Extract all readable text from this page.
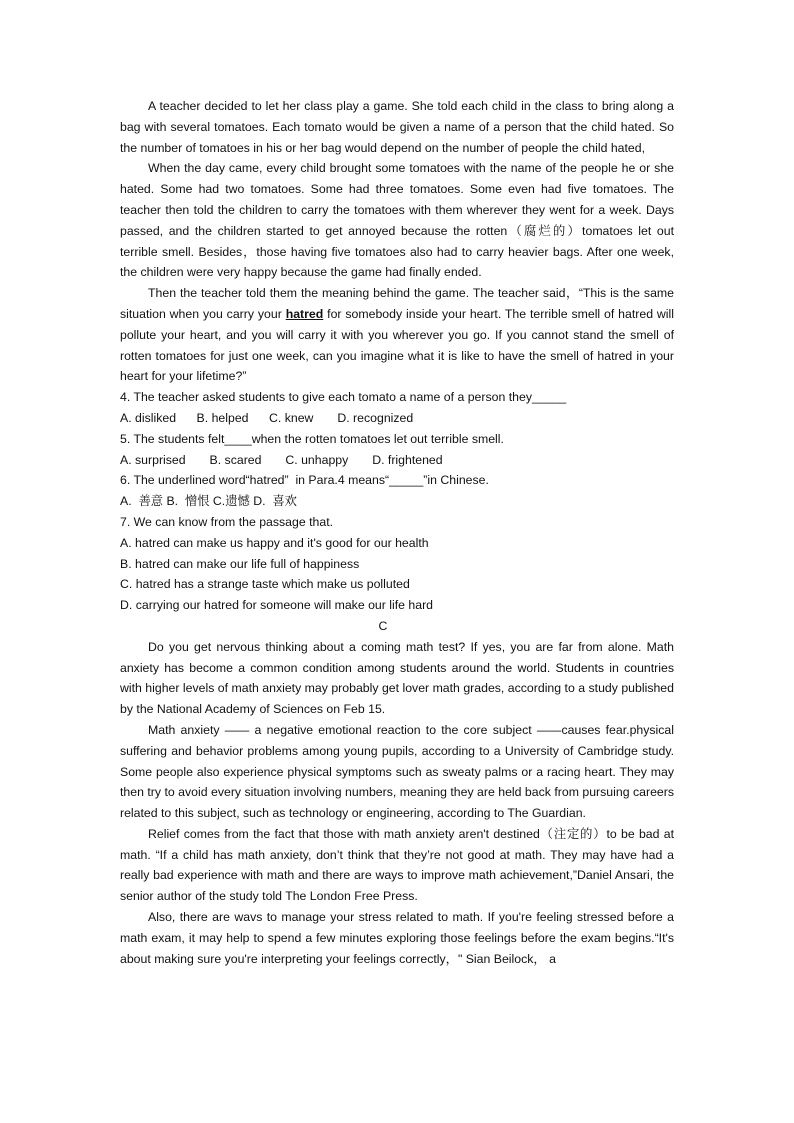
A teacher decided to let her class play a game. She told each child in the class to bring along a bag with several tomatoes. Each tomato would be given a name of a person that the child hated. So the number of tomatoes in his or her bag would depend on the number of people the child hated,

When the day came, every child brought some tomatoes with the name of the people he or she hated. Some had two tomatoes. Some had three tomatoes. Some even had five tomatoes. The teacher then told the children to carry the tomatoes with them wherever they went for a week. Days passed, and the children started to get annoyed because the rotten（腐烂的）tomatoes let out terrible smell. Besides，those having five tomatoes also had to carry heavier bags. After one week, the children were very happy because the game had finally ended.

Then the teacher told them the meaning behind the game. The teacher said，“This is the same situation when you carry your hatred for somebody inside your heart. The terrible smell of hatred will pollute your heart, and you will carry it with you wherever you go. If you cannot stand the smell of rotten tomatoes for just one week, can you imagine what it is like to have the smell of hatred in your heart for your lifetime?”

4. The teacher asked students to give each tomato a name of a person they_____

A. disliked      B. helped      C. knew       D. recognized

5. The students felt____when the rotten tomatoes let out terrible smell.

A. surprised       B. scared       C. unhappy       D. frightened

6. The underlined word“hatred”  in Para.4 means“_____”in Chinese.

A.  善意 B.  憎恨 C.遗憾 D.  喜欢

7. We can know from the passage that.

A. hatred can make us happy and it's good for our health

B. hatred can make our life full of happiness

C. hatred has a strange taste which make us polluted

D. carrying our hatred for someone will make our life hard

C

Do you get nervous thinking about a coming math test? If yes, you are far from alone. Math anxiety has become a common condition among students around the world. Students in countries with higher levels of math anxiety may probably get lover math grades, according to a study published by the National Academy of Sciences on Feb 15.

Math anxiety —— a negative emotional reaction to the core subject ——causes fear.physical suffering and behavior problems among young pupils, according to a University of Cambridge study. Some people also experience physical symptoms such as sweaty palms or a racing heart. They may then try to avoid every situation involving numbers, meaning they are held back from pursuing careers related to this subject, such as technology or engineering, according to The Guardian.

Relief comes from the fact that those with math anxiety aren't destined（注定的）to be bad at math. “If a child has math anxiety, don’t think that they’re not good at math. They may have had a really bad experience with math and there are ways to improve math achievement,”Daniel Ansari, the senior author of the study told The London Free Press.

Also, there are wavs to manage your stress related to math. If you're feeling stressed before a math exam, it may help to spend a few minutes exploring those feelings before the exam begins.“It's about making sure you're interpreting your feelings correctly，" Sian Beilock， a
